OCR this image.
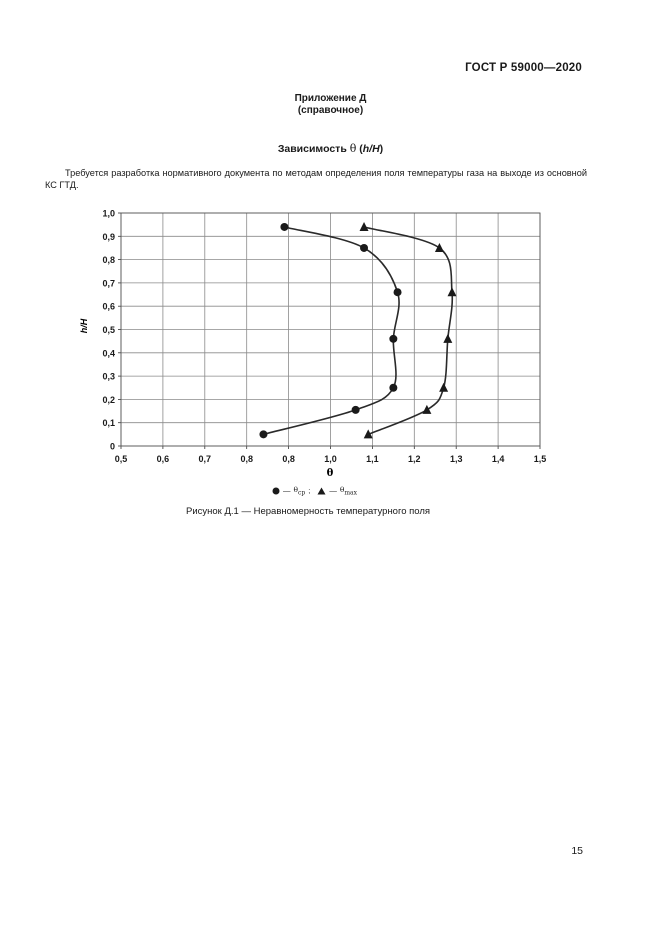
ГОСТ Р 59000—2020
Приложение Д
(справочное)
Зависимость θ (h/H)
Требуется разработка нормативного документа по методам определения поля температуры газа на выходе из основной КС ГТД.
0,5	0,6	0,7	0,8	0,8	1,0	1,1	1,2	1,3	1,4	1,5
0
0,1
0,2
0,3
0,4
0,5
0,6
0,7
0,8
0,9
1,0
θ
h/H
— $\theta_{ср}$ ;	— $\theta_{max}$
Рисунок Д.1 — Неравномерность температурного поля
15
